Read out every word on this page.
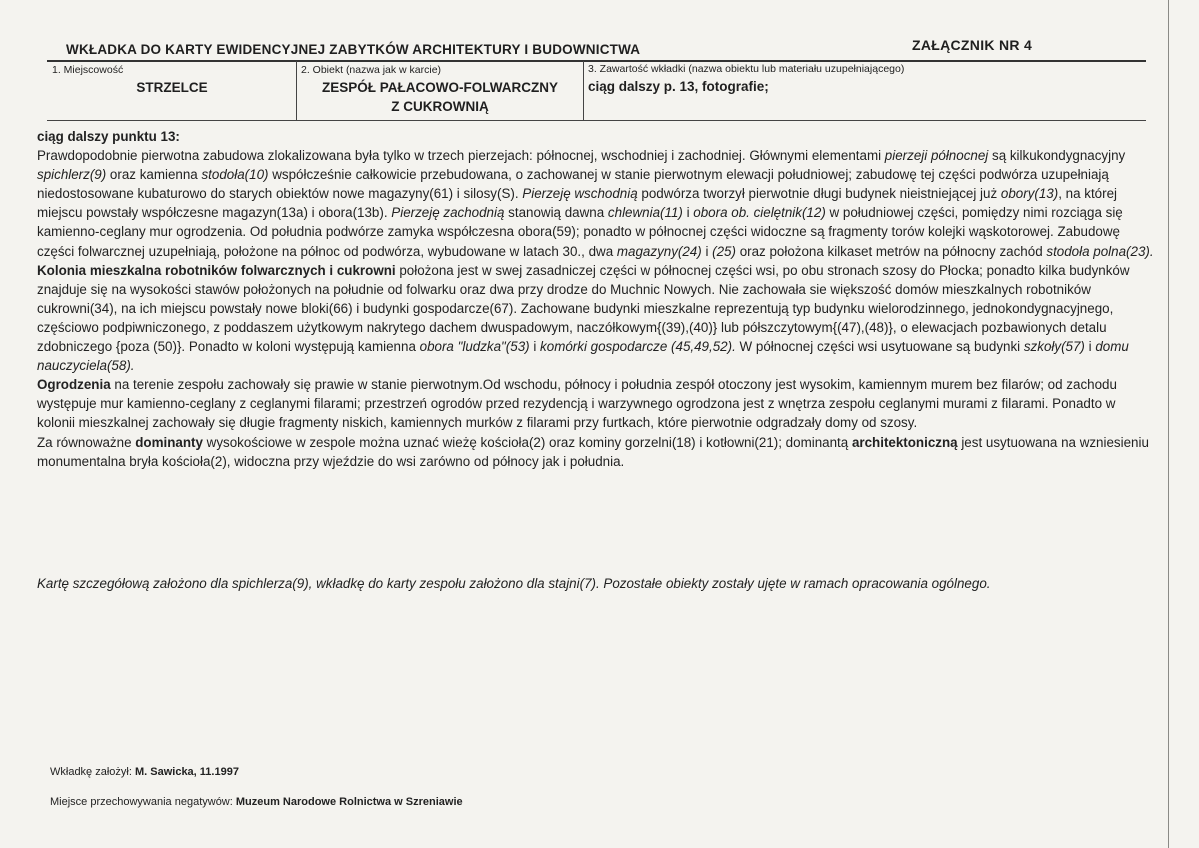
WKŁADKA DO KARTY EWIDENCYJNEJ ZABYTKÓW ARCHITEKTURY I BUDOWNICTWA	ZAŁĄCZNIK NR 4
1. Miejscowość
STRZELCE
2. Obiekt (nazwa jak w karcie)
ZESPÓŁ PAŁACOWO-FOLWARCZNY
Z CUKROWNIĄ
3. Zawartość wkładki (nazwa obiektu lub materiału uzupełniającego)
ciąg dalszy p. 13, fotografie;

ciąg dalszy punktu 13:

Prawdopodobnie pierwotna zabudowa zlokalizowana była tylko w trzech pierzejach: północnej, wschodniej i zachodniej. Głównymi elementami pierzeji północnej są kilkukondygnacyjny spichlerz(9) oraz kamienna stodoła(10) współcześnie całkowicie przebudowana, o zachowanej w stanie pierwotnym elewacji południowej; zabudowę tej części podwórza uzupełniają niedostosowane kubaturowo do starych obiektów nowe magazyny(61) i silosy(S). Pierzeję wschodnią podwórza tworzył pierwotnie długi budynek nieistniejącej już obory(13), na której miejscu powstały współczesne magazyn(13a) i obora(13b). Pierzeję zachodnią stanowią dawna chlewnia(11) i obora ob. cielętnik(12) w południowej części, pomiędzy nimi rozciąga się kamienno-ceglany mur ogrodzenia. Od południa podwórze zamyka współczesna obora(59); ponadto w północnej części widoczne są fragmenty torów kolejki wąskotorowej. Zabudowę części folwarcznej uzupełniają, położone na północ od podwórza, wybudowane w latach 30., dwa magazyny(24) i (25) oraz położona kilkaset metrów na północny zachód stodoła polna(23).

Kolonia mieszkalna robotników folwarcznych i cukrowni położona jest w swej zasadniczej części w północnej części wsi, po obu stronach szosy do Płocka; ponadto kilka budynków znajduje się na wysokości stawów położonych na południe od folwarku oraz dwa przy drodze do Muchnic Nowych. Nie zachowała sie większość domów mieszkalnych robotników cukrowni(34), na ich miejscu powstały nowe bloki(66) i budynki gospodarcze(67). Zachowane budynki mieszkalne reprezentują typ budynku wielorodzinnego, jednokondygnacyjnego, częściowo podpiwniczonego, z poddaszem użytkowym nakrytego dachem dwuspadowym, naczółkowym{(39),(40)} lub półszczytowym{(47),(48)}, o elewacjach pozbawionych detalu zdobniczego {poza (50)}. Ponadto w koloni występują kamienna obora "ludzka"(53) i komórki gospodarcze (45,49,52). W północnej części wsi usytuowane są budynki szkoły(57) i domu nauczyciela(58).

Ogrodzenia na terenie zespołu zachowały się prawie w stanie pierwotnym.Od wschodu, północy i południa zespół otoczony jest wysokim, kamiennym murem bez filarów; od zachodu występuje mur kamienno-ceglany z ceglanymi filarami; przestrzeń ogrodów przed rezydencją i warzywnego ogrodzona jest z wnętrza zespołu ceglanymi murami z filarami. Ponadto w kolonii mieszkalnej zachowały się długie fragmenty niskich, kamiennych murków z filarami przy furtkach, które pierwotnie odgradzały domy od szosy.

Za równoważne dominanty wysokościowe w zespole można uznać wieżę kościoła(2) oraz kominy gorzelni(18) i kotłowni(21); dominantą architektoniczną jest usytuowana na wzniesieniu monumentalna bryła kościoła(2), widoczna przy wjeździe do wsi zarówno od północy jak i południa.

Kartę szczegółową założono dla spichlerza(9), wkładkę do karty zespołu założono dla stajni(7). Pozostałe obiekty zostały ujęte w ramach opracowania ogólnego.
Wkładkę założył: M. Sawicka, 11.1997
Miejsce przechowywania negatywów: Muzeum Narodowe Rolnictwa w Szreniawie
